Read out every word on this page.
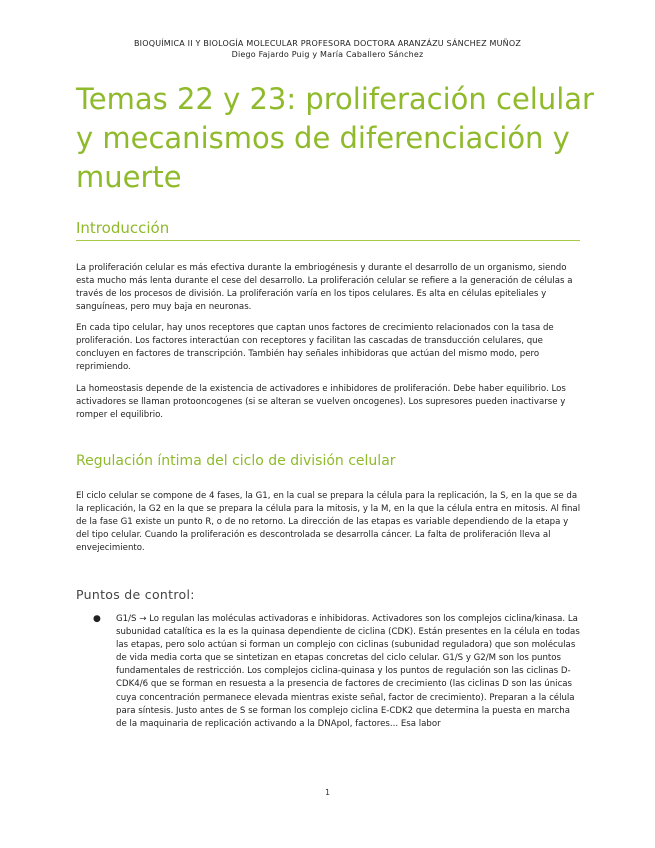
BIOQUÍMICA II Y BIOLOGÍA MOLECULAR PROFESORA DOCTORA ARANZÁZU SÁNCHEZ MUÑOZ
Diego Fajardo Puig y María Caballero Sánchez
Temas 22 y 23: proliferación celular y mecanismos de diferenciación y muerte
Introducción

La proliferación celular es más efectiva durante la embriogénesis y durante el desarrollo de un organismo, siendo esta mucho más lenta durante el cese del desarrollo. La proliferación celular se refiere a la generación de células a través de los procesos de división. La proliferación varía en los tipos celulares. Es alta en células epiteliales y sanguíneas, pero muy baja en neuronas.

En cada tipo celular, hay unos receptores que captan unos factores de crecimiento relacionados con la tasa de proliferación. Los factores interactúan con receptores y facilitan las cascadas de transducción celulares, que concluyen en factores de transcripción. También hay señales inhibidoras que actúan del mismo modo, pero reprimiendo.

La homeostasis depende de la existencia de activadores e inhibidores de proliferación. Debe haber equilibrio. Los activadores se llaman protooncogenes (si se alteran se vuelven oncogenes). Los supresores pueden inactivarse y romper el equilibrio.

Regulación íntima del ciclo de división celular

El ciclo celular se compone de 4 fases, la G1, en la cual se prepara la célula para la replicación, la S, en la que se da la replicación, la G2 en la que se prepara la célula para la mitosis, y la M, en la que la célula entra en mitosis. Al final de la fase G1 existe un punto R, o de no retorno. La dirección de las etapas es variable dependiendo de la etapa y del tipo celular. Cuando la proliferación es descontrolada se desarrolla cáncer. La falta de proliferación lleva al envejecimiento.

Puntos de control:
● G1/S → Lo regulan las moléculas activadoras e inhibidoras. Activadores son los complejos ciclina/kinasa. La subunidad catalítica es la es la quinasa dependiente de ciclina (CDK). Están presentes en la célula en todas las etapas, pero solo actúan si forman un complejo con ciclinas (subunidad reguladora) que son moléculas de vida media corta que se sintetizan en etapas concretas del ciclo celular. G1/S y G2/M son los puntos fundamentales de restricción. Los complejos ciclina-quinasa y los puntos de regulación son las ciclinas D-CDK4/6 que se forman en resuesta a la presencia de factores de crecimiento (las ciclinas D son las únicas cuya concentración permanece elevada mientras existe señal, factor de crecimiento). Preparan a la célula para síntesis. Justo antes de S se forman los complejo ciclina E-CDK2 que determina la puesta en marcha de la maquinaria de replicación activando a la DNApol, factores... Esa labor

1
